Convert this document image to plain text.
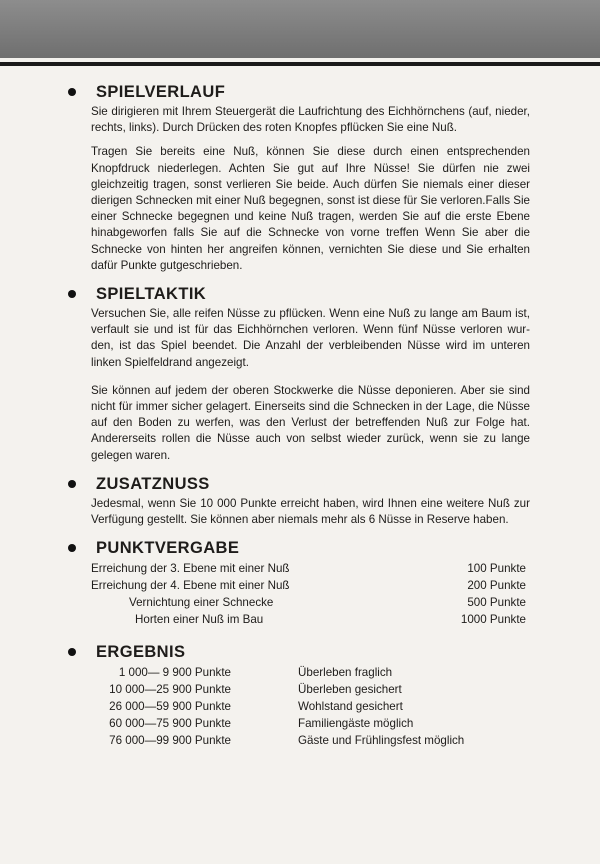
SPIELVERLAUF

Sie dirigieren mit Ihrem Steuergerät die Laufrichtung des Eichhörnchens (auf, nieder, rechts, links). Durch Drücken des roten Knopfes pflücken Sie eine Nuß.

Tragen Sie bereits eine Nuß, können Sie diese durch einen entsprechenden Knopfdruck niederlegen. Achten Sie gut auf Ihre Nüsse! Sie dürfen nie zwei gleichzeitig tragen, sonst verlieren Sie beide. Auch dürfen Sie niemals einer dieser dierigen Schnecken mit einer Nuß begegnen, sonst ist diese für Sie verloren.Falls Sie einer Schnecke begegnen und keine Nuß tragen, werden Sie auf die erste Ebene hinabgeworfen falls Sie auf die Schnecke von vorne treffen Wenn Sie aber die Schnecke von hinten her angreifen können, vernichten Sie diese und Sie erhalten dafür Punkte gutgeschrieben.

SPIELTAKTIK

Versuchen Sie, alle reifen Nüsse zu pflücken. Wenn eine Nuß zu lange am Baum ist, verfault sie und ist für das Eichhörnchen verloren. Wenn fünf Nüsse verloren wur-den, ist das Spiel beendet. Die Anzahl der verbleibenden Nüsse wird im unteren linken Spielfeldrand angezeigt.

Sie können auf jedem der oberen Stockwerke die Nüsse deponieren. Aber sie sind nicht für immer sicher gelagert. Einerseits sind die Schnecken in der Lage, die Nüsse auf den Boden zu werfen, was den Verlust der betreffenden Nuß zur Folge hat. Andererseits rollen die Nüsse auch von selbst wieder zurück, wenn sie zu lange gelegen waren.

ZUSATZNUSS

Jedesmal, wenn Sie 10 000 Punkte erreicht haben, wird Ihnen eine weitere Nuß zur Verfügung gestellt. Sie können aber niemals mehr als 6 Nüsse in Reserve haben.

PUNKTVERGABE
Erreichung der 3. Ebene mit einer Nuß	100 Punkte
Erreichung der 4. Ebene mit einer Nuß	200 Punkte
Vernichtung einer Schnecke	500 Punkte
Horten einer Nuß im Bau	1000 Punkte
ERGEBNIS
1 000— 9 900 Punkte	Überleben fraglich
10 000—25 900 Punkte	Überleben gesichert
26 000—59 900 Punkte	Wohlstand gesichert
60 000—75 900 Punkte	Familiengäste möglich
76 000—99 900 Punkte	Gäste und Frühlingsfest möglich
